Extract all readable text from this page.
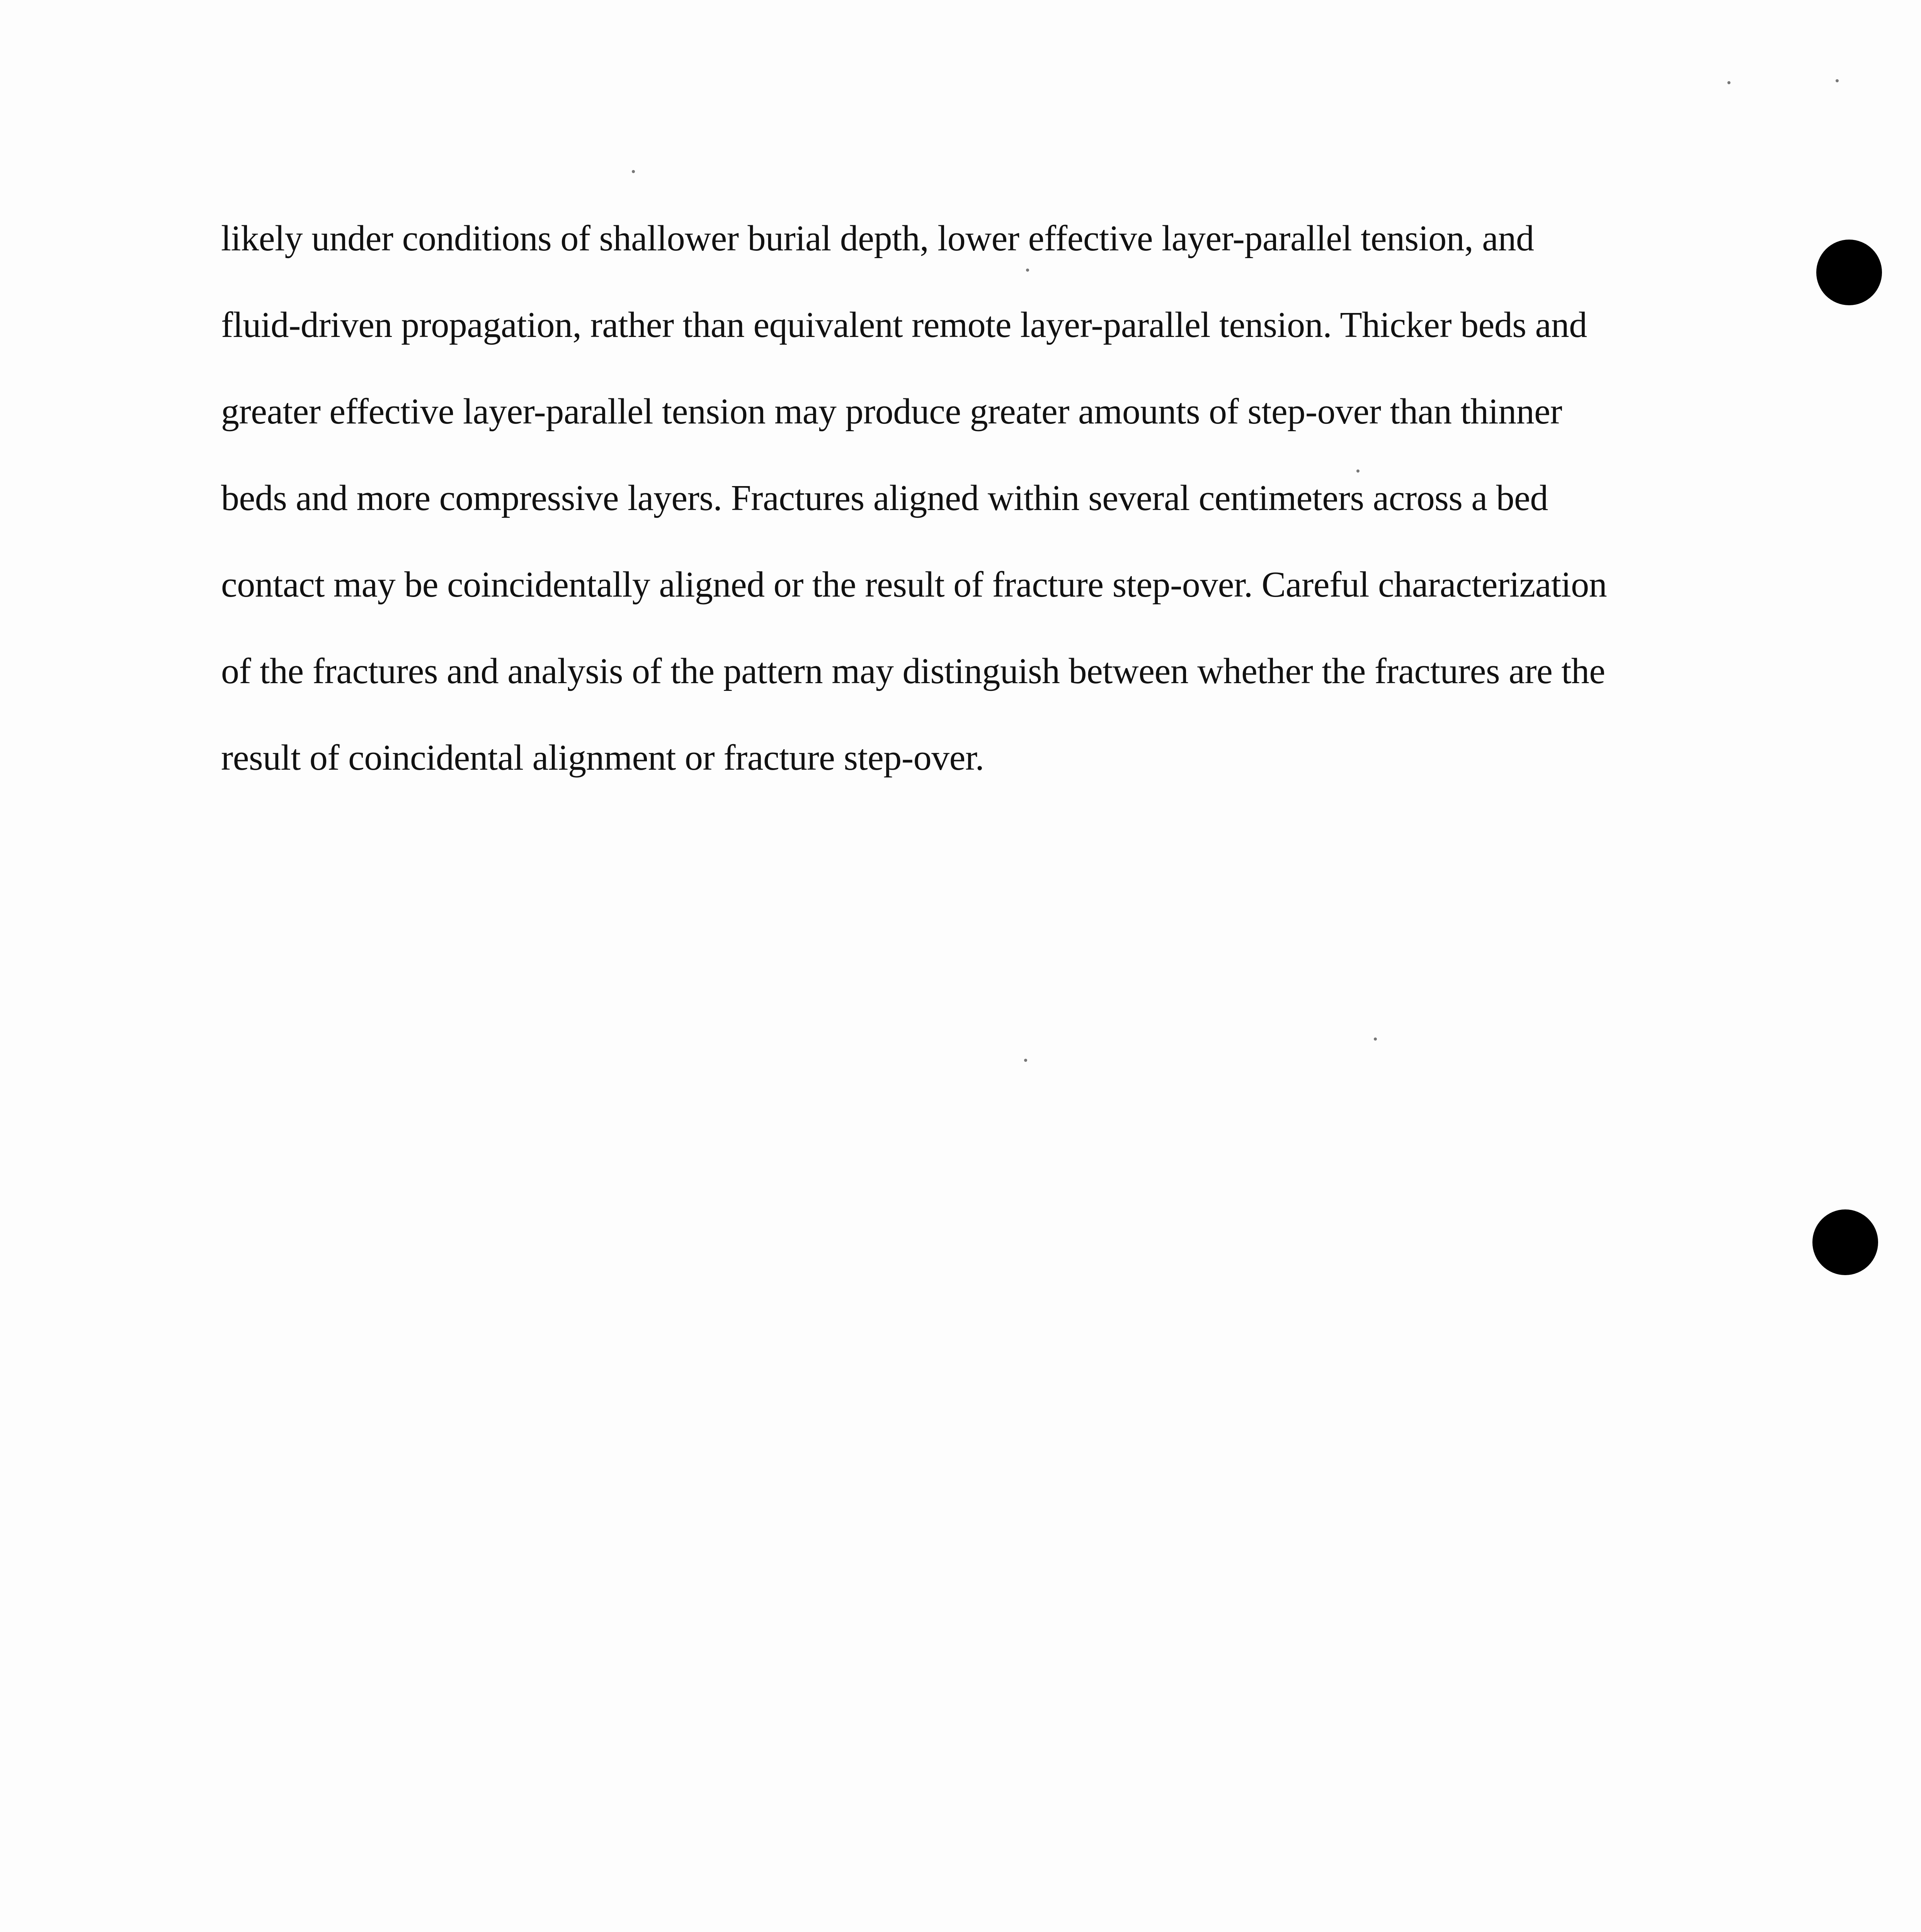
likely under conditions of shallower burial depth, lower effective layer-parallel tension, and
fluid-driven propagation, rather than equivalent remote layer-parallel tension. Thicker beds and
greater effective layer-parallel tension may produce greater amounts of step-over than thinner
beds and more compressive layers. Fractures aligned within several centimeters across a bed
contact may be coincidentally aligned or the result of fracture step-over. Careful characterization
of the fractures and analysis of the pattern may distinguish between whether the fractures are the
result of coincidental alignment or fracture step-over.
